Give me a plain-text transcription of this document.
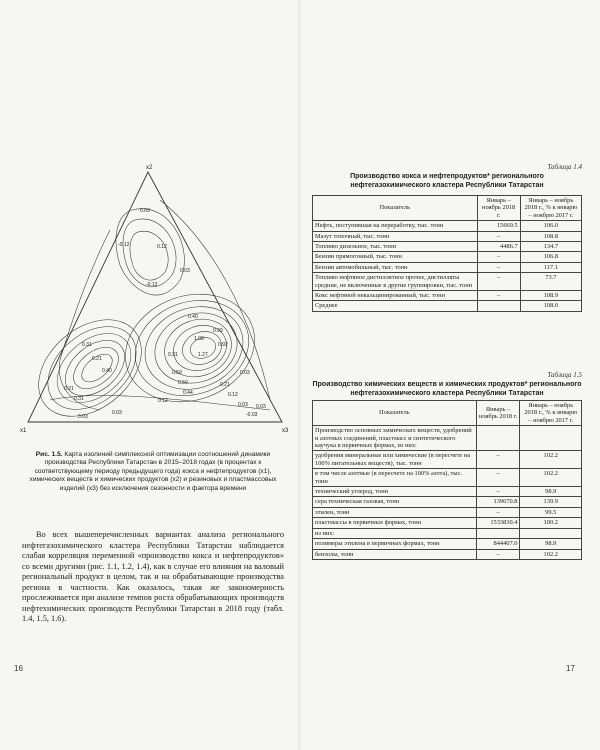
x2
x1	x3
0.03
-0.12	0.12
0.03
0.31
0.21
0.40
0.40
1.27
1.08
0.99
0.92
0.31
-0.12
0.59
0.50
0.44
0.21
0.12
0.03
-0.03
0.03
0.03
0.03
0.21
0.31	0.12
0.03
Рис. 1.5. Карта изолиний симплексной оптимизации соотношений динамики производства Республики Татарстан в 2015–2018 годах (в процентах к соответствующему периоду предыдущего года) кокса и нефтепродуктов (x1), химических веществ и химических продуктов (x2) и резиновых и пластмассовых изделий (x3) без исключения сезонности и фактора времени
Во всех вышеперечисленных вариантах анализа регионального нефтегазохимического кластера Республики Татарстан наблюдается слабая корреляция переменной «производство кокса и нефтепродуктов» со всеми другими (рис. 1.1, 1.2, 1.4), как в случае его влияния на валовый региональный продукт в целом, так и на обрабатывающие производства региона в частности. Как оказалось, такая же закономерность прослеживается при анализе темпов роста обрабатывающих производств нефтехимических производств Республики Татарстан в 2018 году (табл. 1.4, 1.5, 1.6).
16
Таблица 1.4
Производство кокса и нефтепродуктов* регионального нефтегазохимического кластера Республики Татарстан
Показатель	Январь – ноябрь 2018 г.	Январь – ноябрь 2018 г., % к январю – ноябрю 2017 г.
Нефть, поступившая на переработку, тыс. тонн	15669.5	106.0
Мазут топочный, тыс. тонн	–	108.8
Топливо дизельное, тыс. тонн	4486.7	134.7
Бензин прямогонный, тыс. тонн	–	106.8
Бензин автомобильный, тыс. тонн	–	117.1
Топливо нефтяное дистиллятное прочее, дистилляты средние, не включенные в другие группировки, тыс. тонн	–	73.7
Кокс нефтяной некальцинированный, тыс. тонн	–	108.9
Среднее		108.0
Таблица 1.5
Производство химических веществ и химических продуктов* регионального нефтегазохимического кластера Республики Татарстан
Показатель	Январь – ноябрь 2018 г.	Январь – ноябрь 2018 г., % к январю – ноябрю 2017 г.
Производство основных химических веществ, удобрений и азотных соединений, пластмасс и синтетического каучука в первичных формах, из них:		
удобрения минеральные или химические (в пересчете на 100% питательных веществ), тыс. тонн	–	102.2
в том числе азотные (в пересчете на 100% азота), тыс. тонн	–	102.2
технический углерод, тонн	–	98.9
сера техническая газовая, тонн	139670.8	139.9
этилен, тонн	–	99.5
пластмассы в первичных формах, тонн	1533830.4	100.2
из них:		
полимеры этилена в первичных формах, тонн	844407.0	98.9
бензолы, тонн	–	102.2
17
